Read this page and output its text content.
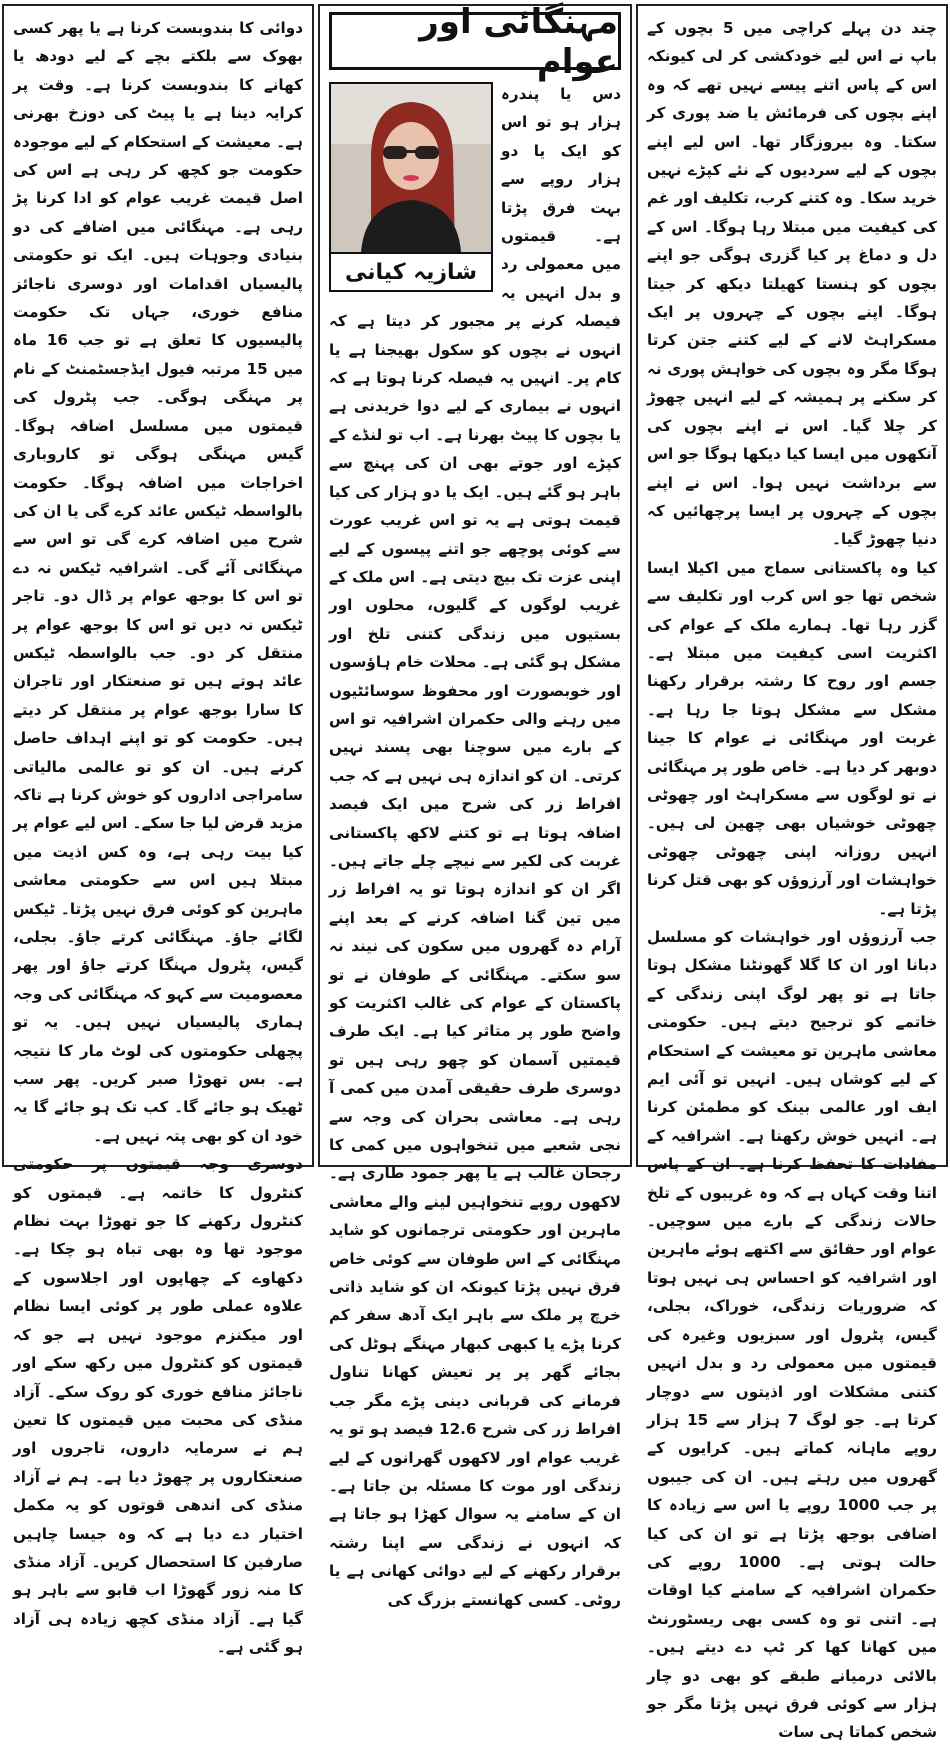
چند دن پہلے کراچی میں 5 بچوں کے باپ نے اس لیے خودکشی کر لی کیونکہ اس کے پاس اتنے پیسے نہیں تھے کہ وہ اپنے بچوں کی فرمائش یا ضد پوری کر سکتا۔ وہ بیروزگار تھا۔ اس لیے اپنے بچوں کے لیے سردیوں کے نئے کپڑے نہیں خرید سکا۔ وہ کتنے کرب، تکلیف اور غم کی کیفیت میں مبتلا رہا ہوگا۔ اس کے دل و دماغ پر کیا گزری ہوگی جو اپنے بچوں کو ہنستا کھیلتا دیکھ کر جیتا ہوگا۔ اپنے بچوں کے چہروں پر ایک مسکراہٹ لانے کے لیے کتنے جتن کرتا ہوگا مگر وہ بچوں کی خواہش پوری نہ کر سکنے پر ہمیشہ کے لیے انہیں چھوڑ کر چلا گیا۔ اس نے اپنے بچوں کی آنکھوں میں ایسا کیا دیکھا ہوگا جو اس سے برداشت نہیں ہوا۔ اس نے اپنے بچوں کے چہروں پر ایسا پرچھائیں کہ دنیا چھوڑ گیا۔

کیا وہ پاکستانی سماج میں اکیلا ایسا شخص تھا جو اس کرب اور تکلیف سے گزر رہا تھا۔ ہمارے ملک کے عوام کی اکثریت اسی کیفیت میں مبتلا ہے۔ جسم اور روح کا رشتہ برقرار رکھنا مشکل سے مشکل ہوتا جا رہا ہے۔ غربت اور مہنگائی نے عوام کا جینا دوبھر کر دیا ہے۔ خاص طور پر مہنگائی نے تو لوگوں سے مسکراہٹ اور چھوٹی چھوٹی خوشیاں بھی چھین لی ہیں۔ انہیں روزانہ اپنی چھوٹی چھوٹی خواہشات اور آرزوؤں کو بھی قتل کرنا پڑتا ہے۔

جب آرزوؤں اور خواہشات کو مسلسل دبانا اور ان کا گلا گھونٹنا مشکل ہوتا جاتا ہے تو پھر لوگ اپنی زندگی کے خاتمے کو ترجیح دیتے ہیں۔ حکومتی معاشی ماہرین تو معیشت کے استحکام کے لیے کوشاں ہیں۔ انہیں تو آئی ایم ایف اور عالمی بینک کو مطمئن کرنا ہے۔ انہیں خوش رکھنا ہے۔ اشرافیہ کے مفادات کا تحفظ کرنا ہے۔ ان کے پاس اتنا وقت کہاں ہے کہ وہ غریبوں کے تلخ حالات زندگی کے بارے میں سوچیں۔ عوام اور حقائق سے اکتھے ہوئے ماہرین اور اشرافیہ کو احساس ہی نہیں ہوتا کہ ضروریات زندگی، خوراک، بجلی، گیس، پٹرول اور سبزیوں وغیرہ کی قیمتوں میں معمولی رد و بدل انہیں کتنی مشکلات اور اذیتوں سے دوچار کرتا ہے۔ جو لوگ 7 ہزار سے 15 ہزار روپے ماہانہ کماتے ہیں۔ کرایوں کے گھروں میں رہتے ہیں۔ ان کی جیبوں پر جب 1000 روپے یا اس سے زیادہ کا اضافی بوجھ پڑتا ہے تو ان کی کیا حالت ہوتی ہے۔ 1000 روپے کی حکمران اشرافیہ کے سامنے کیا اوقات ہے۔ اتنی تو وہ کسی بھی ریسٹورنٹ میں کھانا کھا کر ٹپ دے دیتے ہیں۔ بالائی درمیانے طبقے کو بھی دو چار ہزار سے کوئی فرق نہیں پڑتا مگر جو شخص کماتا ہی سات

مہنگائی اور عوام
شازیہ کیانی

دس یا پندرہ ہزار ہو تو اس کو ایک یا دو ہزار روپے سے بہت فرق پڑتا ہے۔ قیمتوں میں معمولی رد و بدل انہیں یہ فیصلہ کرنے پر مجبور کر دیتا ہے کہ انہوں نے بچوں کو سکول بھیجنا ہے یا کام پر۔ انہیں یہ فیصلہ کرنا ہوتا ہے کہ انہوں نے بیماری کے لیے دوا خریدنی ہے یا بچوں کا پیٹ بھرنا ہے۔ اب تو لنڈے کے کپڑے اور جوتے بھی ان کی پہنچ سے باہر ہو گئے ہیں۔ ایک یا دو ہزار کی کیا قیمت ہوتی ہے یہ تو اس غریب عورت سے کوئی پوچھے جو اتنے پیسوں کے لیے اپنی عزت تک بیچ دیتی ہے۔ اس ملک کے غریب لوگوں کے گلیوں، محلوں اور بستیوں میں زندگی کتنی تلخ اور مشکل ہو گئی ہے۔ محلات خام ہاؤسوں اور خوبصورت اور محفوظ سوسائٹیوں میں رہنے والی حکمران اشرافیہ تو اس کے بارے میں سوچنا بھی پسند نہیں کرتی۔ ان کو اندازہ ہی نہیں ہے کہ جب افراط زر کی شرح میں ایک فیصد اضافہ ہوتا ہے تو کتنے لاکھ پاکستانی غربت کی لکیر سے نیچے چلے جاتے ہیں۔ اگر ان کو اندازہ ہوتا تو یہ افراط زر میں تین گنا اضافہ کرنے کے بعد اپنے آرام دہ گھروں میں سکون کی نیند نہ سو سکتے۔ مہنگائی کے طوفان نے تو پاکستان کے عوام کی غالب اکثریت کو واضح طور پر متاثر کیا ہے۔ ایک طرف قیمتیں آسمان کو چھو رہی ہیں تو دوسری طرف حقیقی آمدن میں کمی آ رہی ہے۔ معاشی بحران کی وجہ سے نجی شعبے میں تنخواہوں میں کمی کا رجحان غالب ہے یا پھر جمود طاری ہے۔ لاکھوں روپے تنخواہیں لینے والے معاشی ماہرین اور حکومتی ترجمانوں کو شاید مہنگائی کے اس طوفان سے کوئی خاص فرق نہیں پڑتا کیونکہ ان کو شاید ذاتی خرچ پر ملک سے باہر ایک آدھ سفر کم کرنا پڑے یا کبھی کبھار مہنگے ہوٹل کی بجائے گھر پر پر تعیش کھانا تناول فرمانے کی قربانی دینی پڑے مگر جب افراط زر کی شرح 12.6 فیصد ہو تو یہ غریب عوام اور لاکھوں گھرانوں کے لیے زندگی اور موت کا مسئلہ بن جاتا ہے۔ ان کے سامنے یہ سوال کھڑا ہو جاتا ہے کہ انہوں نے زندگی سے اپنا رشتہ برقرار رکھنے کے لیے دوائی کھانی ہے یا روٹی۔ کسی کھانستے بزرگ کی

دوائی کا بندوبست کرنا ہے یا پھر کسی بھوک سے بلکتے بچے کے لیے دودھ یا کھانے کا بندوبست کرنا ہے۔ وقت پر کرایہ دینا ہے یا پیٹ کی دوزخ بھرنی ہے۔ معیشت کے استحکام کے لیے موجودہ حکومت جو کچھ کر رہی ہے اس کی اصل قیمت غریب عوام کو ادا کرنا پڑ رہی ہے۔ مہنگائی میں اضافے کی دو بنیادی وجوہات ہیں۔ ایک تو حکومتی پالیسیاں اقدامات اور دوسری ناجائز منافع خوری، جہاں تک حکومت پالیسیوں کا تعلق ہے تو جب 16 ماہ میں 15 مرتبہ فیول ایڈجسٹمنٹ کے نام پر مہنگی ہوگی۔ جب پٹرول کی قیمتوں میں مسلسل اضافہ ہوگا۔ گیس مہنگی ہوگی تو کاروباری اخراجات میں اضافہ ہوگا۔ حکومت بالواسطہ ٹیکس عائد کرے گی یا ان کی شرح میں اضافہ کرے گی تو اس سے مہنگائی آئے گی۔ اشرافیہ ٹیکس نہ دے تو اس کا بوجھ عوام پر ڈال دو۔ تاجر ٹیکس نہ دیں تو اس کا بوجھ عوام پر منتقل کر دو۔ جب بالواسطہ ٹیکس عائد ہوتے ہیں تو صنعتکار اور تاجران کا سارا بوجھ عوام پر منتقل کر دیتے ہیں۔ حکومت کو تو اپنے اہداف حاصل کرنے ہیں۔ ان کو تو عالمی مالیاتی سامراجی اداروں کو خوش کرنا ہے تاکہ مزید قرض لیا جا سکے۔ اس لیے عوام پر کیا بیت رہی ہے، وہ کس اذیت میں مبتلا ہیں اس سے حکومتی معاشی ماہرین کو کوئی فرق نہیں پڑتا۔ ٹیکس لگائے جاؤ۔ مہنگائی کرتے جاؤ۔ بجلی، گیس، پٹرول مہنگا کرتے جاؤ اور پھر معصومیت سے کہو کہ مہنگائی کی وجہ ہماری پالیسیاں نہیں ہیں۔ یہ تو پچھلی حکومتوں کی لوٹ مار کا نتیجہ ہے۔ بس تھوڑا صبر کریں۔ پھر سب ٹھیک ہو جائے گا۔ کب تک ہو جائے گا یہ خود ان کو بھی پتہ نہیں ہے۔

دوسری وجہ قیمتوں پر حکومتی کنٹرول کا خاتمہ ہے۔ قیمتوں کو کنٹرول رکھنے کا جو تھوڑا بہت نظام موجود تھا وہ بھی تباہ ہو چکا ہے۔ دکھاوے کے چھاپوں اور اجلاسوں کے علاوہ عملی طور پر کوئی ایسا نظام اور میکنزم موجود نہیں ہے جو کہ قیمتوں کو کنٹرول میں رکھ سکے اور ناجائز منافع خوری کو روک سکے۔ آزاد منڈی کی محبت میں قیمتوں کا تعین ہم نے سرمایہ داروں، تاجروں اور صنعتکاروں پر چھوڑ دیا ہے۔ ہم نے آزاد منڈی کی اندھی قوتوں کو یہ مکمل اختیار دے دیا ہے کہ وہ جیسا چاہیں صارفین کا استحصال کریں۔ آزاد منڈی کا منہ زور گھوڑا اب قابو سے باہر ہو گیا ہے۔ آزاد منڈی کچھ زیادہ ہی آزاد ہو گئی ہے۔
